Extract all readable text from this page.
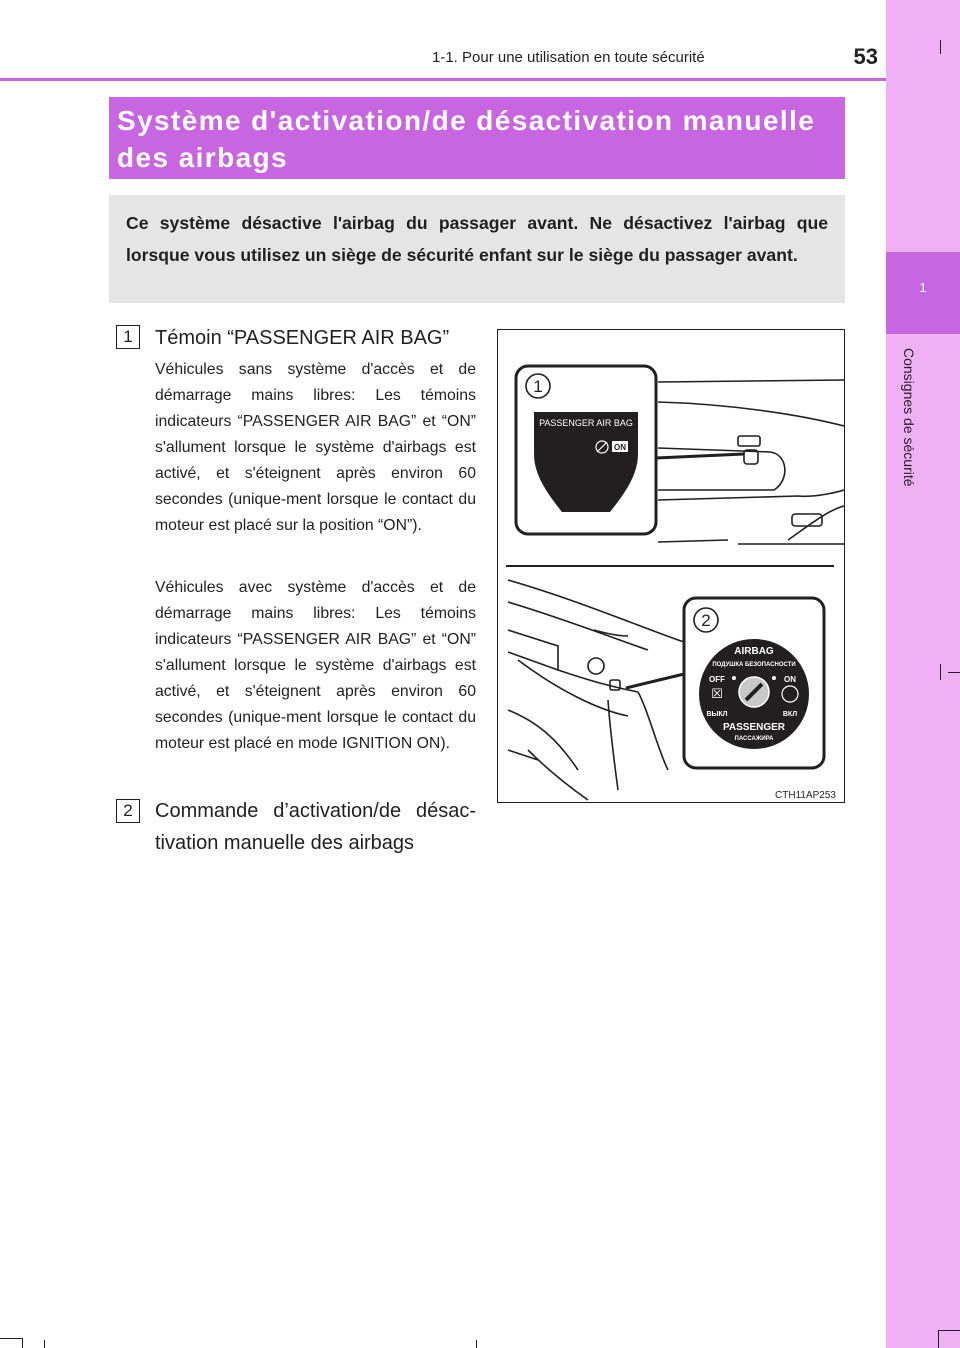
1
Consignes de sécurité
1-1. Pour une utilisation en toute sécurité	53
Système d'activation/de désactivation manuelle des airbags

Ce système désactive l'airbag du passager avant. Ne désactivez l'airbag que lorsque vous utilisez un siège de sécurité enfant sur le siège du passager avant.

1	Témoin “PASSENGER AIR BAG”

Véhicules sans système d'accès et de démarrage mains libres: Les témoins indicateurs “PASSENGER AIR BAG” et “ON” s'allument lorsque le système d'airbags est activé, et s'éteignent après environ 60 secondes (unique-ment lorsque le contact du moteur est placé sur la position “ON”).

Véhicules avec système d'accès et de démarrage mains libres: Les témoins indicateurs “PASSENGER AIR BAG” et “ON” s'allument lorsque le système d'airbags est activé, et s'éteignent après environ 60 secondes (unique-ment lorsque le contact du moteur est placé en mode IGNITION ON).

2	Commande d’activation/de désac-tivation manuelle des airbags
1
PASSENGER AIR BAG
ON
2
AIRBAG
ПОДУШКА БЕЗОПАСНОСТИ
OFF	ON
☒
ВЫКЛ	ВКЛ
PASSENGER
ПАССАЖИРА
CTH11AP253
